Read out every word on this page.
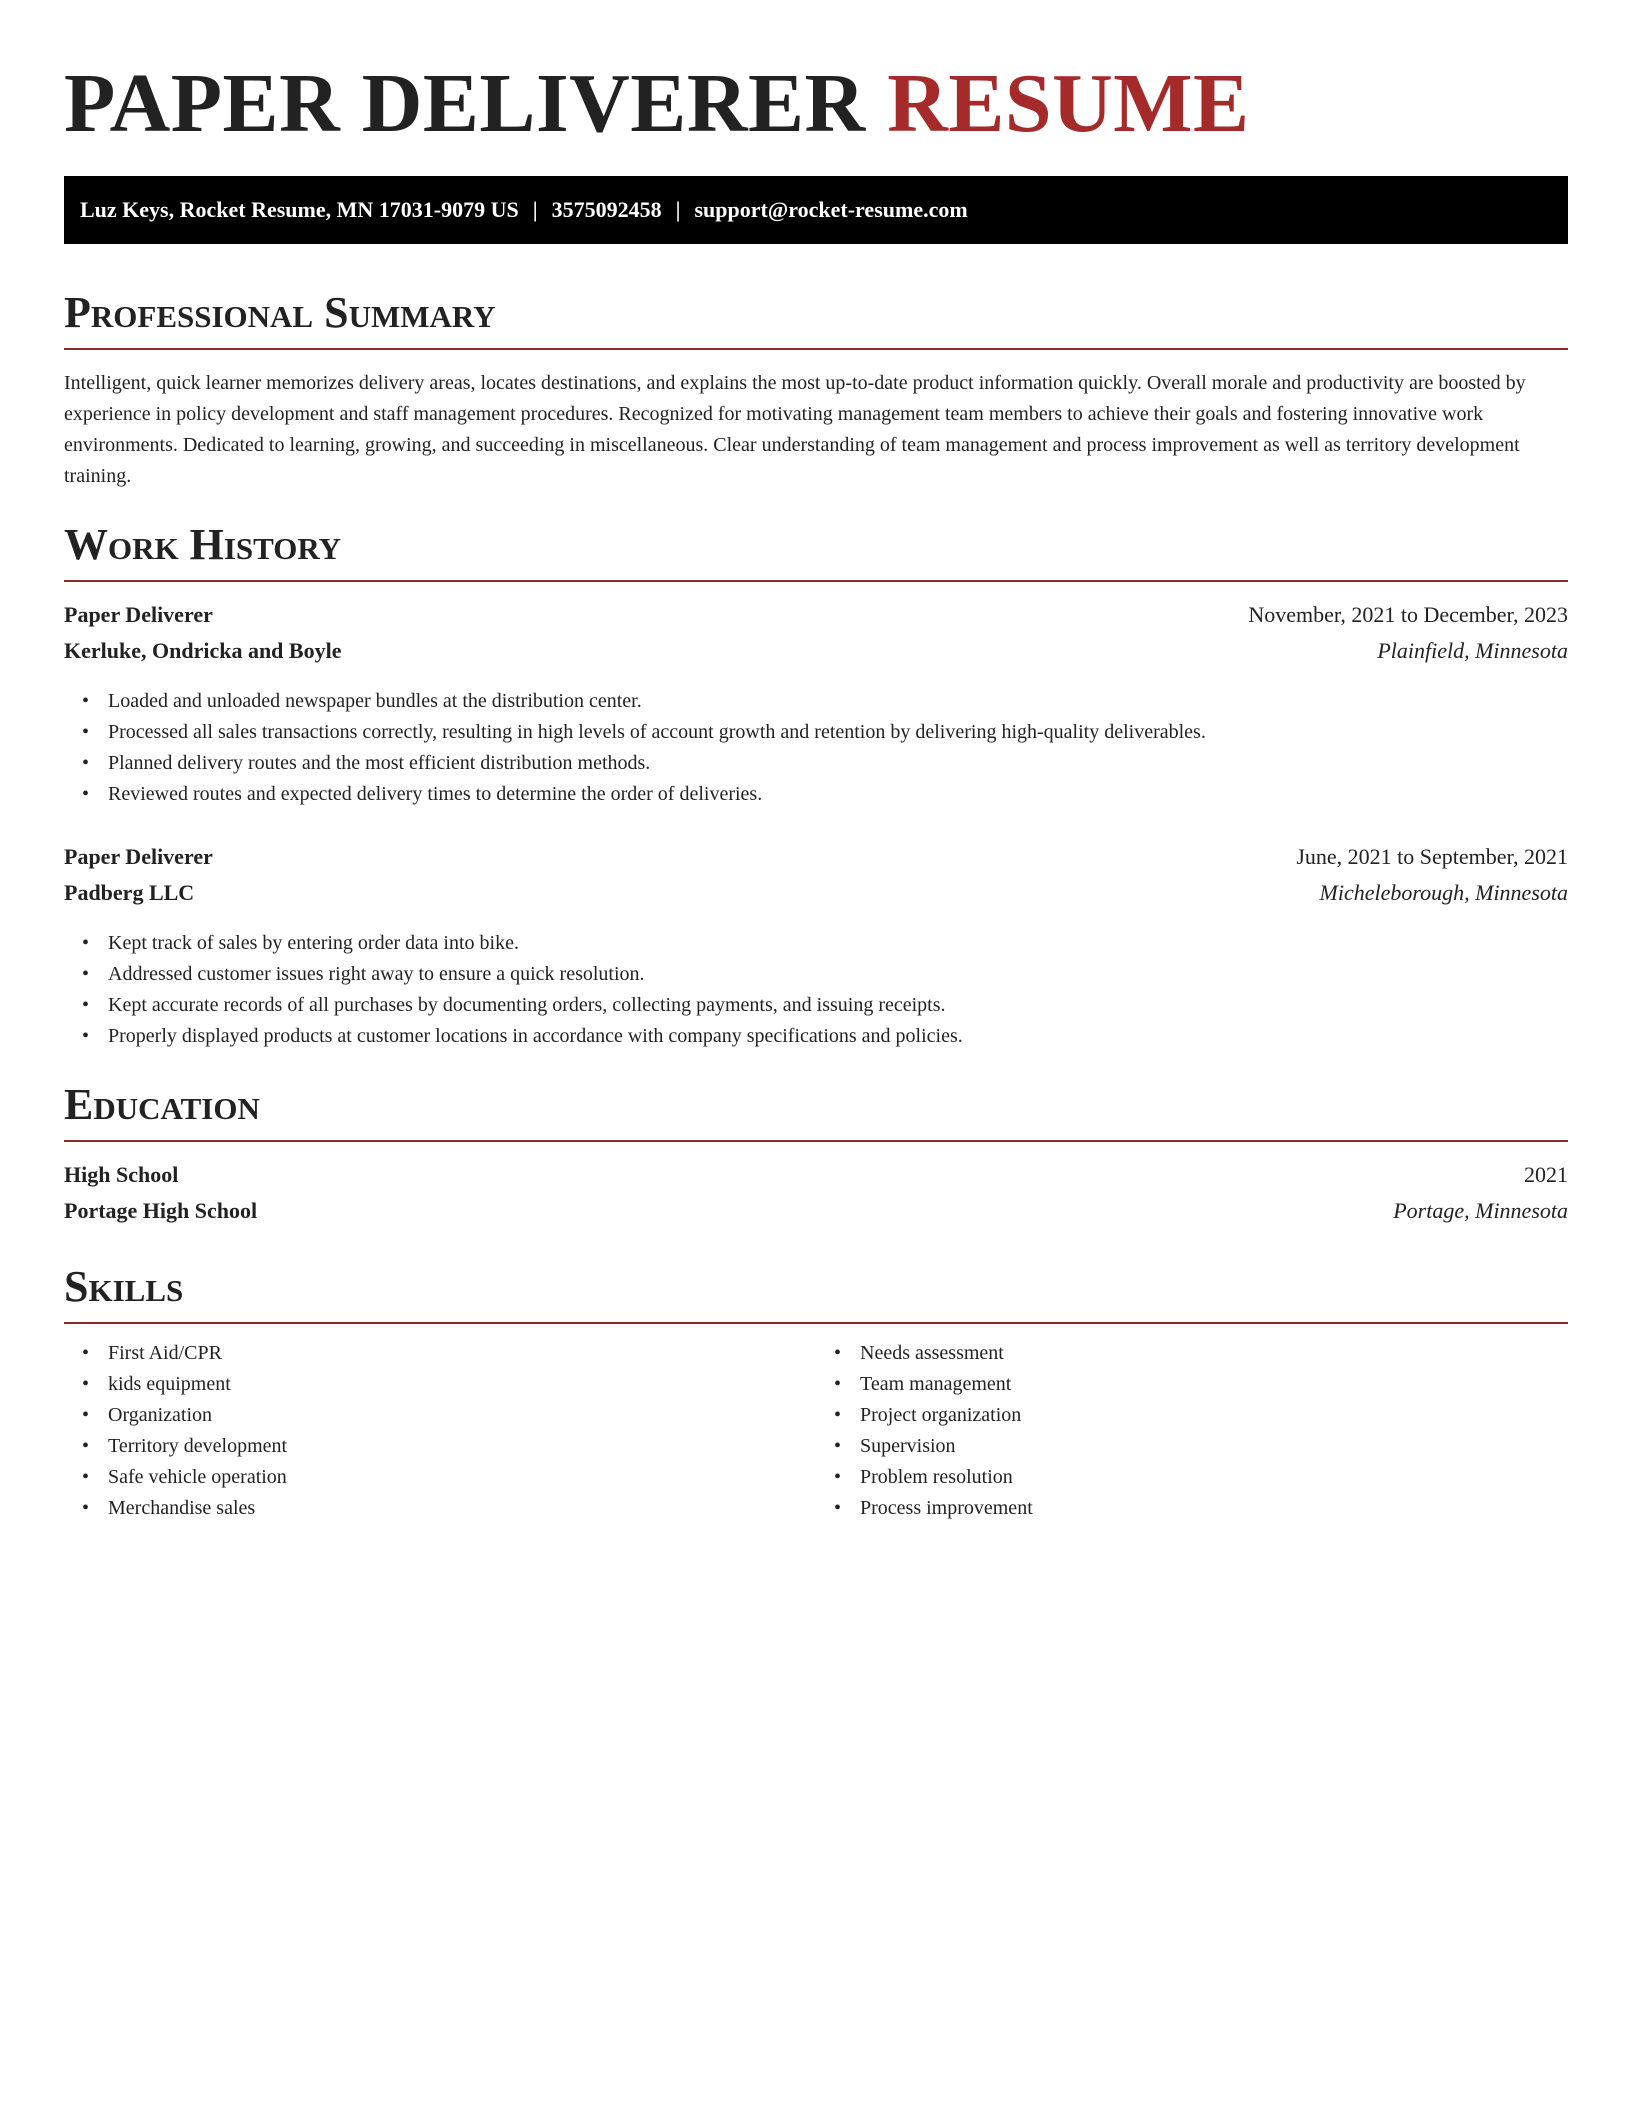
PAPER DELIVERER RESUME
Luz Keys, Rocket Resume, MN 17031-9079 US | 3575092458 | support@rocket-resume.com
Professional Summary

Intelligent, quick learner memorizes delivery areas, locates destinations, and explains the most up-to-date product information quickly. Overall morale and productivity are boosted by experience in policy development and staff management procedures. Recognized for motivating management team members to achieve their goals and fostering innovative work environments. Dedicated to learning, growing, and succeeding in miscellaneous. Clear understanding of team management and process improvement as well as territory development training.

Work History
Paper Deliverer	November, 2021 to December, 2023
Kerluke, Ondricka and Boyle	Plainfield, Minnesota
• Loaded and unloaded newspaper bundles at the distribution center.
• Processed all sales transactions correctly, resulting in high levels of account growth and retention by delivering high-quality deliverables.
• Planned delivery routes and the most efficient distribution methods.
• Reviewed routes and expected delivery times to determine the order of deliveries.
Paper Deliverer	June, 2021 to September, 2021
Padberg LLC	Micheleborough, Minnesota
• Kept track of sales by entering order data into bike.
• Addressed customer issues right away to ensure a quick resolution.
• Kept accurate records of all purchases by documenting orders, collecting payments, and issuing receipts.
• Properly displayed products at customer locations in accordance with company specifications and policies.
Education
High School	2021
Portage High School	Portage, Minnesota
Skills
• First Aid/CPR
• kids equipment
• Organization
• Territory development
• Safe vehicle operation
• Merchandise sales
• Needs assessment
• Team management
• Project organization
• Supervision
• Problem resolution
• Process improvement
